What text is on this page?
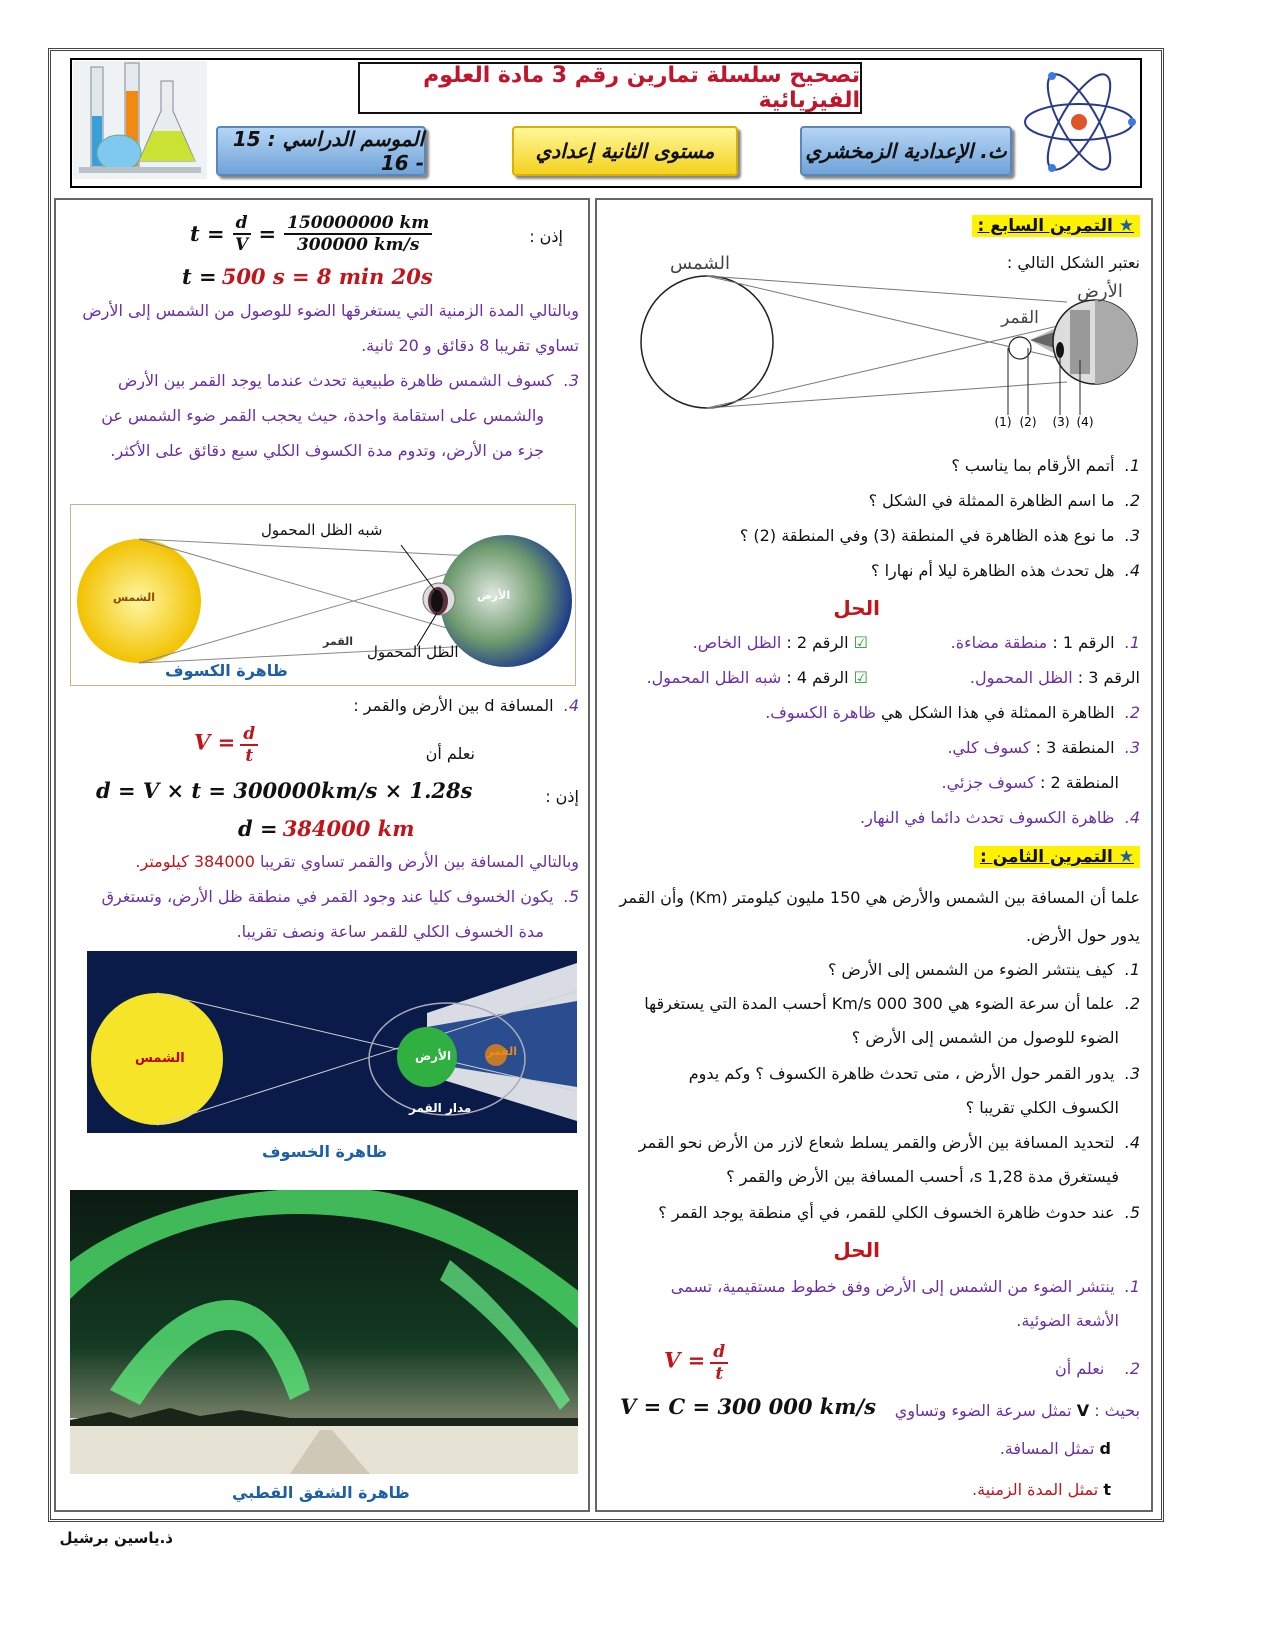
تصحيح سلسلة تمارين رقم 3 مادة العلوم الفيزيائية
الموسم الدراسي : 15 - 16	مستوى الثانية إعدادي	ث. الإعدادية الزمخشري
★ التمرين السابع :
نعتبر الشكل التالي :
(1) (2) (3) (4)
الشمس
الأرض
القمر
1.  أتمم الأرقام بما يناسب ؟
2.  ما اسم الظاهرة الممثلة في الشكل ؟
3.  ما نوع هذه الظاهرة في المنطقة (3) وفي المنطقة (2) ؟
4.  هل تحدث هذه الظاهرة ليلا أم نهارا ؟
الحل
1.  الرقم 1 : منطقة مضاءة.
☑ الرقم 2 : الظل الخاص.
الرقم 3 : الظل المحمول.
☑ الرقم 4 : شبه الظل المحمول.
2.  الظاهرة الممثلة في هذا الشكل هي ظاهرة الكسوف.
3.  المنطقة 3 : كسوف كلي.
المنطقة 2 : كسوف جزئي.
4.  ظاهرة الكسوف تحدث دائما في النهار.
★ التمرين الثامن :
علما أن المسافة بين الشمس والأرض هي 150 مليون كيلومتر (Km) وأن القمر
يدور حول الأرض.
1.  كيف ينتشر الضوء من الشمس إلى الأرض ؟
2.  علما أن سرعة الضوء هي 300 000 Km/s أحسب المدة التي يستغرقها
الضوء للوصول من الشمس إلى الأرض ؟
3.  يدور القمر حول الأرض ، متى تحدث ظاهرة الكسوف ؟ وكم يدوم
الكسوف الكلي تقريبا ؟
4.  لتحديد المسافة بين الأرض والقمر يسلط شعاع لازر من الأرض نحو القمر
فيستغرق مدة 1,28 s، أحسب المسافة بين الأرض والقمر ؟
5.  عند حدوث ظاهرة الخسوف الكلي للقمر، في أي منطقة يوجد القمر ؟
الحل
1.  ينتشر الضوء من الشمس إلى الأرض وفق خطوط مستقيمية، تسمى
الأشعة الضوئية.
2.    نعلم أن
$V = \frac{d}{t}$
بحيث : V تمثل سرعة الضوء وتساوي
V = C = 300 000 km/s
d تمثل المسافة.
t تمثل المدة الزمنية.
إذن :
$t = \frac{d}{V} = \frac{150000000 km}{300000 km/s}$
t = 500 s = 8 min 20s
وبالتالي المدة الزمنية التي يستغرقها الضوء للوصول من الشمس إلى الأرض
تساوي تقريبا 8 دقائق و 20 ثانية.
3.  كسوف الشمس ظاهرة طبيعية تحدث عندما يوجد القمر بين الأرض
والشمس على استقامة واحدة، حيث يحجب القمر ضوء الشمس عن
جزء من الأرض، وتدوم مدة الكسوف الكلي سبع دقائق على الأكثر.
الشمس	الأرض
القمر
شبه الظل المحمول
الظل المحمول
ظاهرة الكسوف
4.  المسافة d بين الأرض والقمر :
نعلم أن
$V = \frac{d}{t}$
إذن :
d = V × t = 300000km/s × 1.28s
d = 384000 km
وبالتالي المسافة بين الأرض والقمر تساوي تقريبا 384000 كيلومتر.
5.  يكون الخسوف كليا عند وجود القمر في منطقة ظل الأرض، وتستغرق
مدة الخسوف الكلي للقمر ساعة ونصف تقريبا.
الشمس	الأرض	القمر
مدار القمر
ظاهرة الخسوف
ظاهرة الشفق القطبي
ذ.ياسين برشيل
